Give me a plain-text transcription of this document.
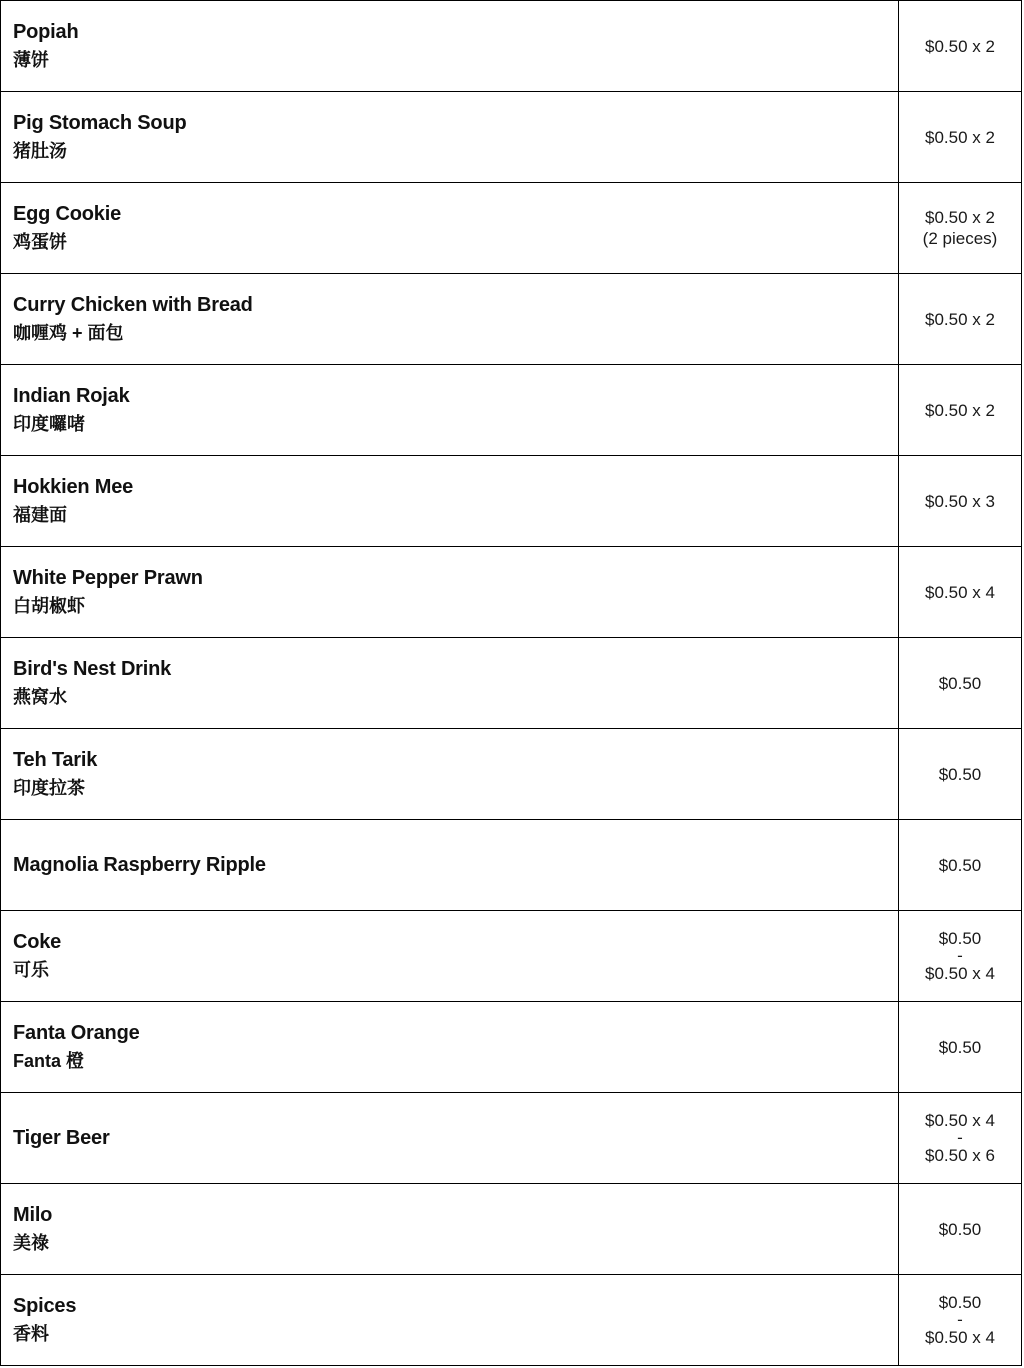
Popiah
薄饼
$0.50 x 2
Pig Stomach Soup
猪肚汤
$0.50 x 2
Egg Cookie
鸡蛋饼
$0.50 x 2
(2 pieces)
Curry Chicken with Bread
咖喱鸡 + 面包
$0.50 x 2
Indian Rojak
印度囉啫
$0.50 x 2
Hokkien Mee
福建面
$0.50 x 3
White Pepper Prawn
白胡椒虾
$0.50 x 4
Bird's Nest Drink
燕窝水
$0.50
Teh Tarik
印度拉茶
$0.50
Magnolia Raspberry Ripple	$0.50
Coke
可乐
$0.50
-
$0.50 x 4
Fanta Orange
Fanta 橙
$0.50
Tiger Beer
$0.50 x 4
-
$0.50 x 6
Milo
美祿
$0.50
Spices
香料
$0.50
-
$0.50 x 4
